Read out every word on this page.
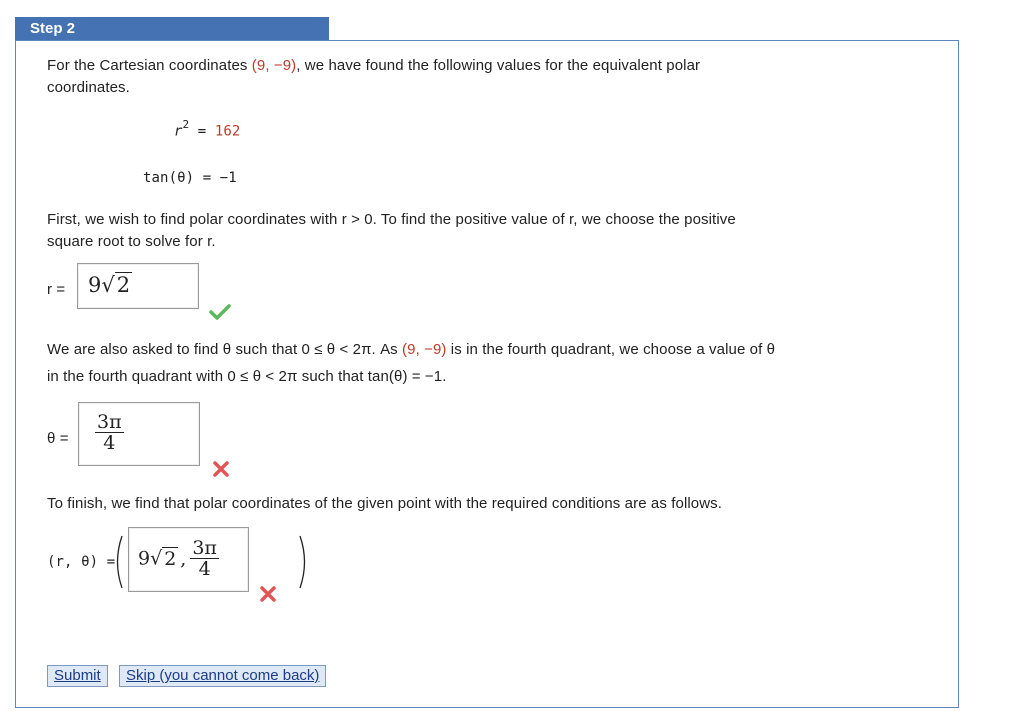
Step 2
For the Cartesian coordinates (9, −9), we have found the following values for the equivalent polar
coordinates.
$r^2 = 162$
tan(θ) = −1
First, we wish to find polar coordinates with r > 0. To find the positive value of r, we choose the positive
square root to solve for r.
r = 9√2
We are also asked to find θ such that 0 ≤ θ < 2π. As (9, −9) is in the fourth quadrant, we choose a value of θ
in the fourth quadrant with 0 ≤ θ < 2π such that tan(θ) = −1.
$\theta = \frac{3\pi}{4}$
To finish, we find that polar coordinates of the given point with the required conditions are as follows.
(r, θ) = 9√ 2 , $\frac{3\pi}{4}$
Submit	Skip (you cannot come back)
